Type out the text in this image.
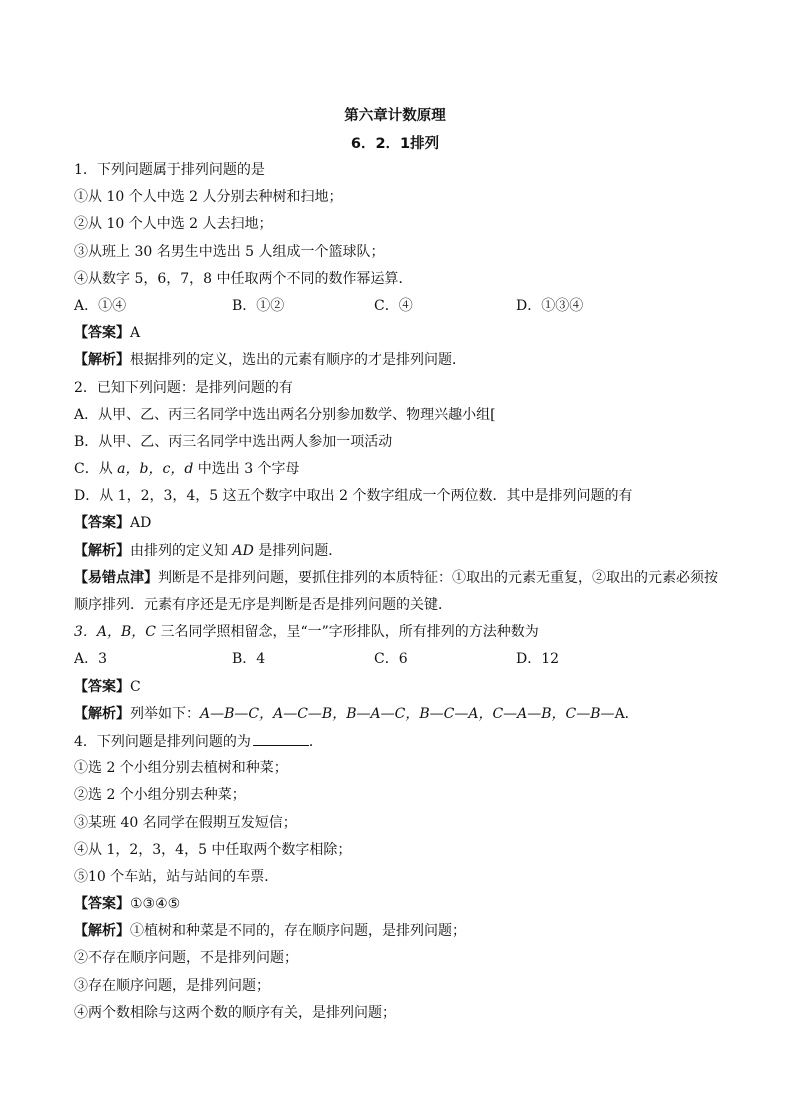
第六章计数原理
6．2．1排列
1．下列问题属于排列问题的是
①从 10 个人中选 2 人分别去种树和扫地；
②从 10 个人中选 2 人去扫地；
③从班上 30 名男生中选出 5 人组成一个篮球队；
④从数字 5，6，7，8 中任取两个不同的数作幂运算．
A．①④	B．①②	C．④	D．①③④
【答案】A
【解析】根据排列的定义，选出的元素有顺序的才是排列问题．
2．已知下列问题：是排列问题的有
A．从甲、乙、丙三名同学中选出两名分别参加数学、物理兴趣小组[
B．从甲、乙、丙三名同学中选出两人参加一项活动
C．从 a，b，c，d 中选出 3 个字母
D．从 1，2，3，4，5 这五个数字中取出 2 个数字组成一个两位数．其中是排列问题的有
【答案】AD
【解析】由排列的定义知 AD 是排列问题．
【易错点津】判断是不是排列问题，要抓住排列的本质特征：①取出的元素无重复，②取出的元素必须按
顺序排列．元素有序还是无序是判断是否是排列问题的关键．
3．A，B，C 三名同学照相留念，呈“一”字形排队，所有排列的方法种数为
A．3	B．4	C．6	D．12
【答案】C
【解析】列举如下：A—B—C，A—C—B，B—A—C，B—C—A，C—A—B，C—B—A．
4．下列问题是排列问题的为	．
①选 2 个小组分别去植树和种菜；
②选 2 个小组分别去种菜；
③某班 40 名同学在假期互发短信；
④从 1，2，3，4，5 中任取两个数字相除；
⑤10 个车站，站与站间的车票．
【答案】①③④⑤
【解析】①植树和种菜是不同的，存在顺序问题，是排列问题；
②不存在顺序问题，不是排列问题；
③存在顺序问题，是排列问题；
④两个数相除与这两个数的顺序有关，是排列问题；
